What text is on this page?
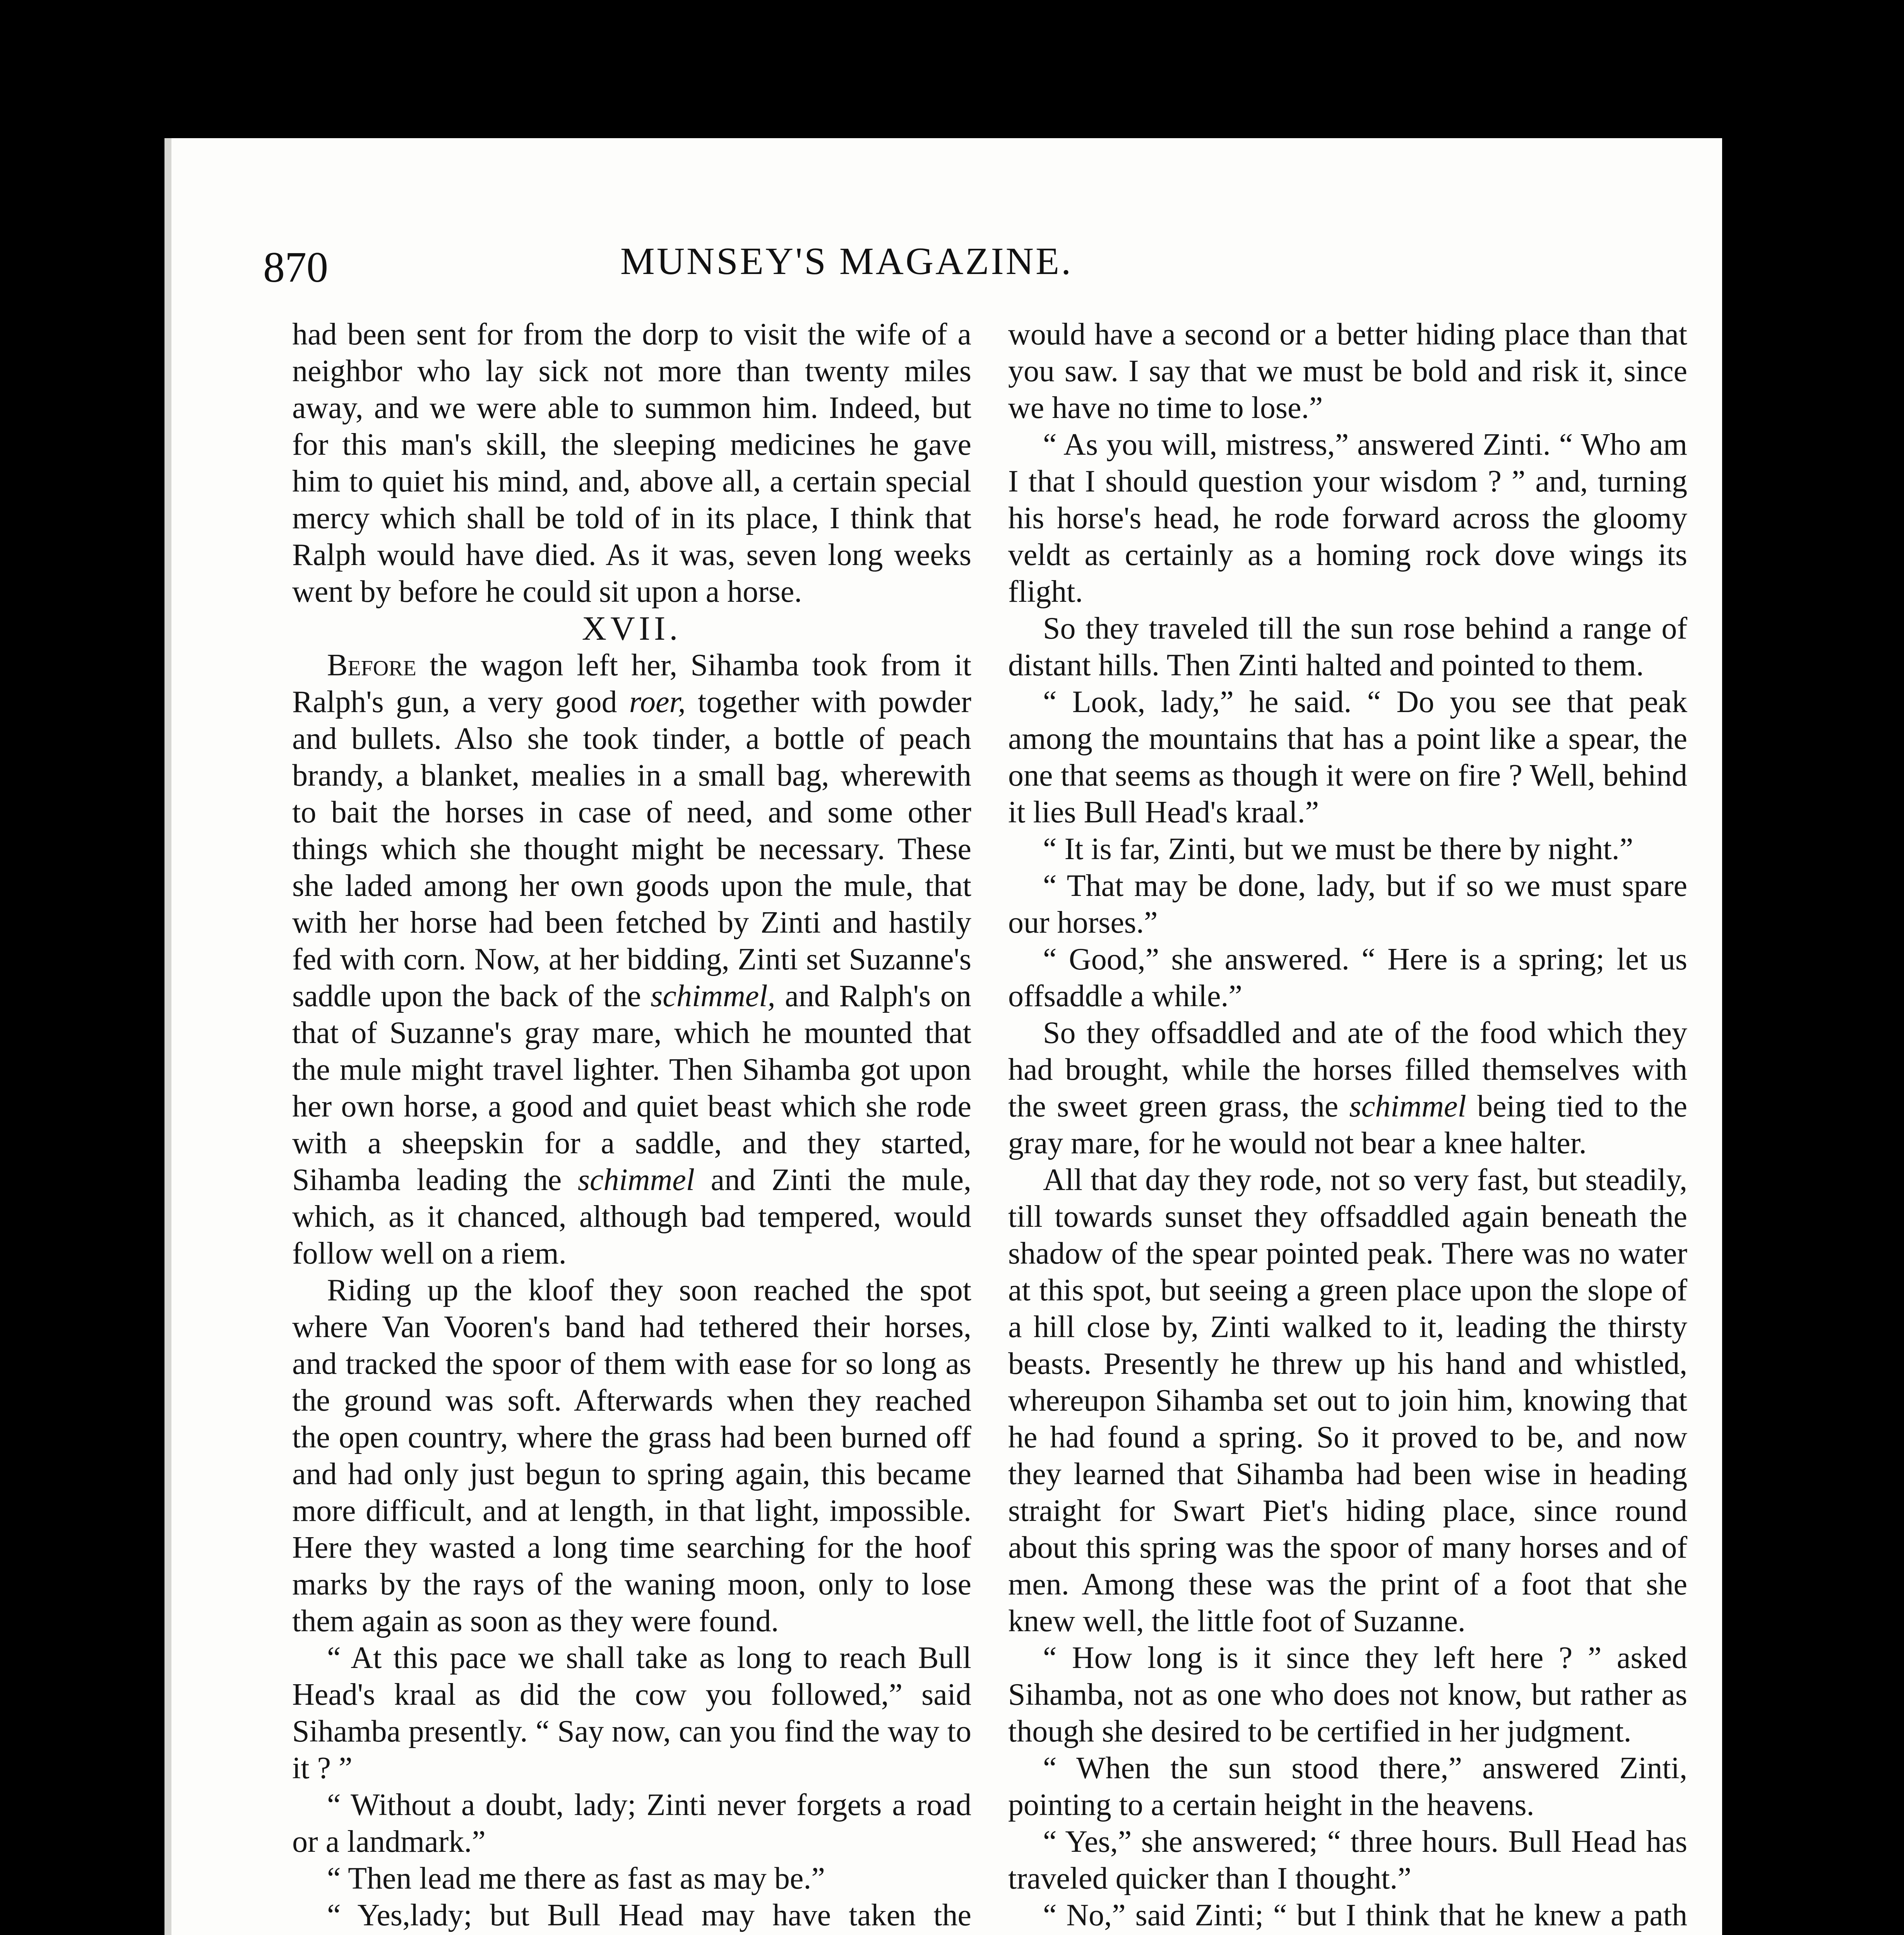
870	MUNSEY'S MAGAZINE.

had been sent for from the dorp to visit the wife of a neighbor who lay sick not more than twenty miles away, and we were able to summon him. Indeed, but for this man's skill, the sleeping medicines he gave him to quiet his mind, and, above all, a certain special mercy which shall be told of in its place, I think that Ralph would have died. As it was, seven long weeks went by before he could sit upon a horse.

XVII.

Before the wagon left her, Sihamba took from it Ralph's gun, a very good roer, together with powder and bullets. Also she took tinder, a bottle of peach brandy, a blanket, mealies in a small bag, wherewith to bait the horses in case of need, and some other things which she thought might be necessary. These she laded among her own goods upon the mule, that with her horse had been fetched by Zinti and hastily fed with corn. Now, at her bidding, Zinti set Suzanne's saddle upon the back of the schimmel, and Ralph's on that of Suzanne's gray mare, which he mounted that the mule might travel lighter. Then Sihamba got upon her own horse, a good and quiet beast which she rode with a sheepskin for a saddle, and they started, Sihamba leading the schimmel and Zinti the mule, which, as it chanced, although bad tempered, would follow well on a riem.

Riding up the kloof they soon reached the spot where Van Vooren's band had tethered their horses, and tracked the spoor of them with ease for so long as the ground was soft. Afterwards when they reached the open country, where the grass had been burned off and had only just begun to spring again, this became more difficult, and at length, in that light, impossible. Here they wasted a long time searching for the hoof marks by the rays of the waning moon, only to lose them again as soon as they were found.

“ At this pace we shall take as long to reach Bull Head's kraal as did the cow you followed,” said Sihamba presently. “ Say now, can you find the way to it ? ”

“ Without a doubt, lady; Zinti never forgets a road or a landmark.”

“ Then lead me there as fast as may be.”

“ Yes,lady; but Bull Head may have taken the

would have a second or a better hiding place than that you saw. I say that we must be bold and risk it, since we have no time to lose.”

“ As you will, mistress,” answered Zinti. “ Who am I that I should question your wisdom ? ” and, turning his horse's head, he rode forward across the gloomy veldt as certainly as a homing rock dove wings its flight.

So they traveled till the sun rose behind a range of distant hills. Then Zinti halted and pointed to them.

“ Look, lady,” he said. “ Do you see that peak among the mountains that has a point like a spear, the one that seems as though it were on fire ? Well, behind it lies Bull Head's kraal.”

“ It is far, Zinti, but we must be there by night.”

“ That may be done, lady, but if so we must spare our horses.”

“ Good,” she answered. “ Here is a spring; let us offsaddle a while.”

So they offsaddled and ate of the food which they had brought, while the horses filled themselves with the sweet green grass, the schimmel being tied to the gray mare, for he would not bear a knee halter.

All that day they rode, not so very fast, but steadily, till towards sunset they offsaddled again beneath the shadow of the spear pointed peak. There was no water at this spot, but seeing a green place upon the slope of a hill close by, Zinti walked to it, leading the thirsty beasts. Presently he threw up his hand and whistled, whereupon Sihamba set out to join him, knowing that he had found a spring. So it proved to be, and now they learned that Sihamba had been wise in heading straight for Swart Piet's hiding place, since round about this spring was the spoor of many horses and of men. Among these was the print of a foot that she knew well, the little foot of Suzanne.

“ How long is it since they left here ? ” asked Sihamba, not as one who does not know, but rather as though she desired to be certified in her judgment.

“ When the sun stood there,” answered Zinti, pointing to a certain height in the heavens.

“ Yes,” she answered; “ three hours. Bull Head has traveled quicker than I thought.”

“ No,” said Zinti; “ but I think that he knew a path
